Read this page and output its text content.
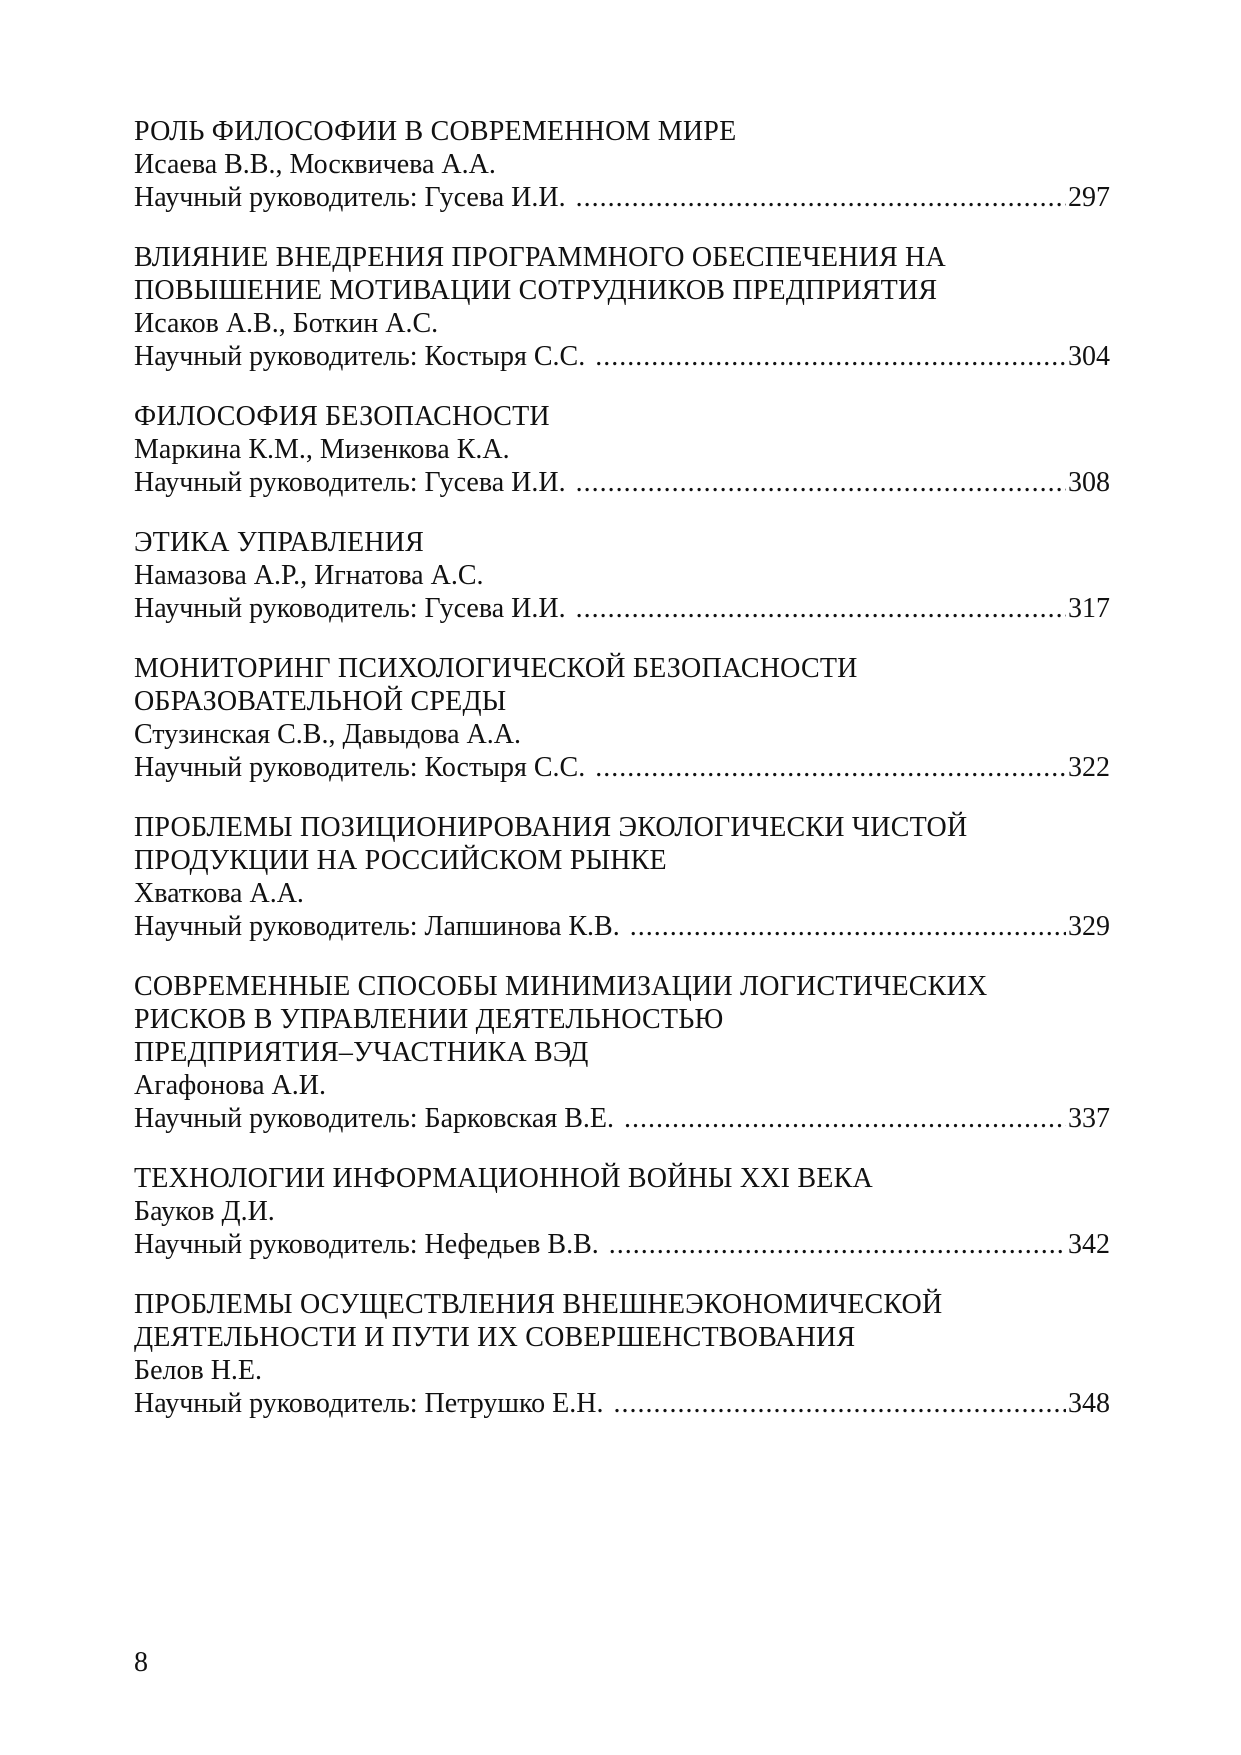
РОЛЬ ФИЛОСОФИИ В СОВРЕМЕННОМ МИРЕ
Исаева В.В., Москвичева А.А.
Научный руководитель: Гусева И.И. .....	297
ВЛИЯНИЕ ВНЕДРЕНИЯ ПРОГРАММНОГО ОБЕСПЕЧЕНИЯ НА
ПОВЫШЕНИЕ МОТИВАЦИИ СОТРУДНИКОВ ПРЕДПРИЯТИЯ
Исаков А.В., Боткин А.С.
Научный руководитель: Костыря С.С. .....	304
ФИЛОСОФИЯ БЕЗОПАСНОСТИ
Маркина К.М., Мизенкова К.А.
Научный руководитель: Гусева И.И. .....	308
ЭТИКА УПРАВЛЕНИЯ
Намазова А.Р., Игнатова А.С.
Научный руководитель: Гусева И.И. .....	317
МОНИТОРИНГ ПСИХОЛОГИЧЕСКОЙ БЕЗОПАСНОСТИ
ОБРАЗОВАТЕЛЬНОЙ СРЕДЫ
Стузинская С.В., Давыдова А.А.
Научный руководитель: Костыря С.С. .....	322
ПРОБЛЕМЫ ПОЗИЦИОНИРОВАНИЯ ЭКОЛОГИЧЕСКИ ЧИСТОЙ
ПРОДУКЦИИ НА РОССИЙСКОМ РЫНКЕ
Хваткова А.А.
Научный руководитель: Лапшинова К.В. .....	329
СОВРЕМЕННЫЕ СПОСОБЫ МИНИМИЗАЦИИ ЛОГИСТИЧЕСКИХ
РИСКОВ В УПРАВЛЕНИИ ДЕЯТЕЛЬНОСТЬЮ
ПРЕДПРИЯТИЯ–УЧАСТНИКА ВЭД
Агафонова А.И.
Научный руководитель: Барковская В.Е. .....	337
ТЕХНОЛОГИИ ИНФОРМАЦИОННОЙ ВОЙНЫ XXI ВЕКА
Бауков Д.И.
Научный руководитель: Нефедьев В.В. .....	342
ПРОБЛЕМЫ ОСУЩЕСТВЛЕНИЯ ВНЕШНЕЭКОНОМИЧЕСКОЙ
ДЕЯТЕЛЬНОСТИ И ПУТИ ИХ СОВЕРШЕНСТВОВАНИЯ
Белов Н.Е.
Научный руководитель: Петрушко Е.Н. .....	348
8
